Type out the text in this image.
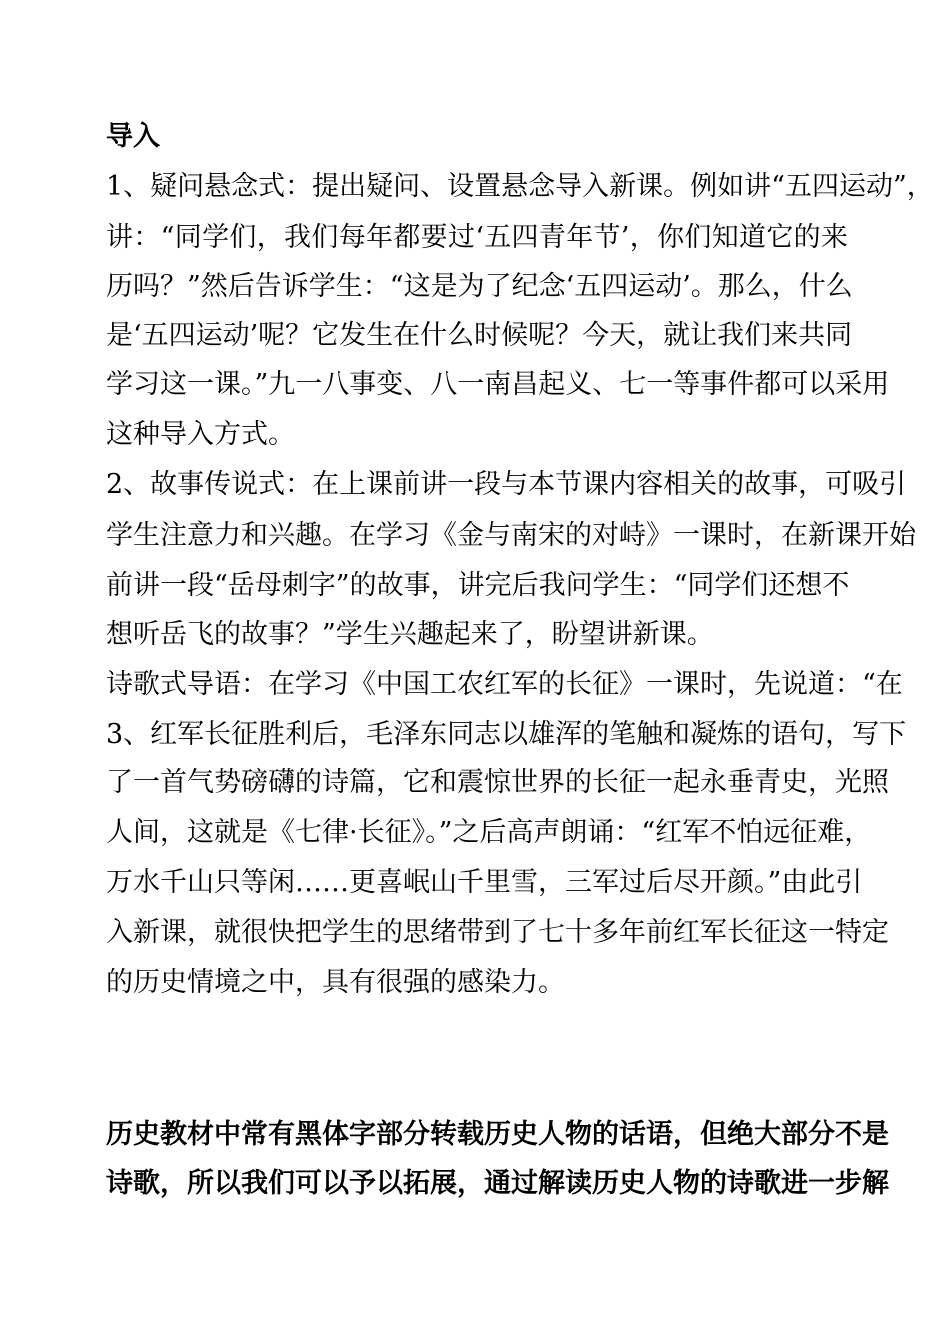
导入
1、疑问悬念式：提出疑问、设置悬念导入新课。例如讲“五四运动”，
讲：“同学们，我们每年都要过‘五四青年节’，你们知道它的来
历吗？”然后告诉学生：“这是为了纪念‘五四运动’。那么，什么
是‘五四运动’呢？它发生在什么时候呢？今天，就让我们来共同
学习这一课。”九一八事变、八一南昌起义、七一等事件都可以采用
这种导入方式。
2、故事传说式：在上课前讲一段与本节课内容相关的故事，可吸引
学生注意力和兴趣。在学习《金与南宋的对峙》一课时，在新课开始
前讲一段“岳母刺字”的故事，讲完后我问学生：“同学们还想不
想听岳飞的故事？”学生兴趣起来了，盼望讲新课。
诗歌式导语：在学习《中国工农红军的长征》一课时，先说道：“在
3、红军长征胜利后，毛泽东同志以雄浑的笔触和凝炼的语句，写下
了一首气势磅礴的诗篇，它和震惊世界的长征一起永垂青史，光照
人间，这就是《七律·长征》。”之后高声朗诵：“红军不怕远征难，
万水千山只等闲……更喜岷山千里雪，三军过后尽开颜。”由此引
入新课，就很快把学生的思绪带到了七十多年前红军长征这一特定
的历史情境之中，具有很强的感染力。
历史教材中常有黑体字部分转载历史人物的话语，但绝大部分不是
诗歌，所以我们可以予以拓展，通过解读历史人物的诗歌进一步解
